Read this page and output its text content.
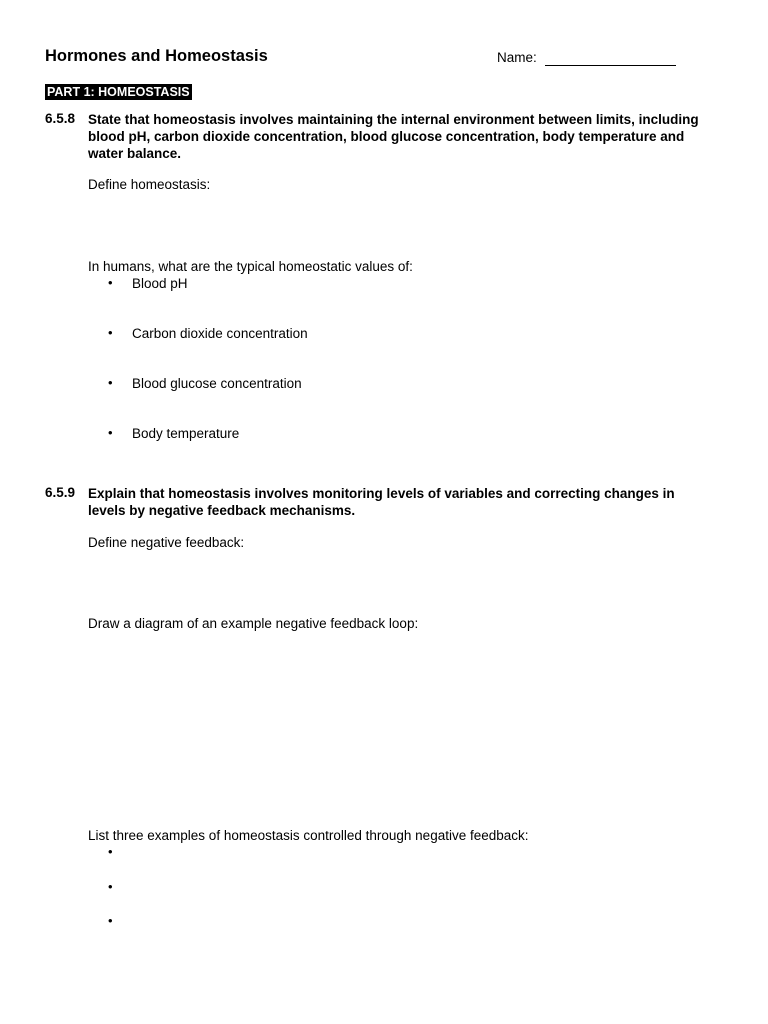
Hormones and Homeostasis	Name:
PART 1: HOMEOSTASIS
6.5.8 State that homeostasis involves maintaining the internal environment between limits, including
blood pH, carbon dioxide concentration, blood glucose concentration, body temperature and
water balance.
Define homeostasis:
In humans, what are the typical homeostatic values of:
• Blood pH
• Carbon dioxide concentration
• Blood glucose concentration
• Body temperature
6.5.9 Explain that homeostasis involves monitoring levels of variables and correcting changes in
levels by negative feedback mechanisms.
Define negative feedback:
Draw a diagram of an example negative feedback loop:
List three examples of homeostasis controlled through negative feedback:
•
•
•
